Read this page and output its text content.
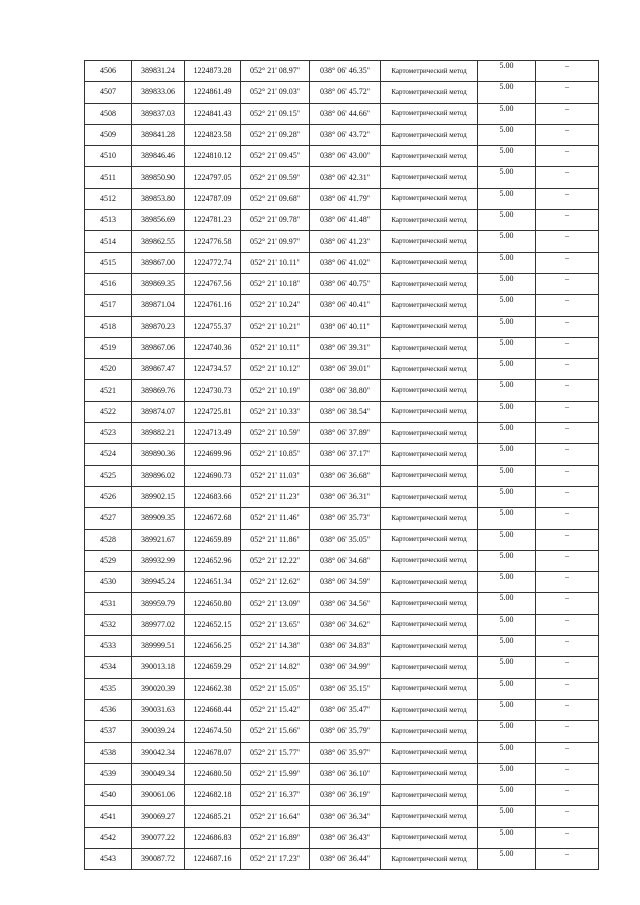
4506	389831.24	1224873.28	052° 21' 08.97"	038° 06' 46.35"	Картометрический метод	5.00	–
4507	389833.06	1224861.49	052° 21' 09.03"	038° 06' 45.72"	Картометрический метод	5.00	–
4508	389837.03	1224841.43	052° 21' 09.15"	038° 06' 44.66"	Картометрический метод	5.00	–
4509	389841.28	1224823.58	052° 21' 09.28"	038° 06' 43.72"	Картометрический метод	5.00	–
4510	389846.46	1224810.12	052° 21' 09.45"	038° 06' 43.00"	Картометрический метод	5.00	–
4511	389850.90	1224797.05	052° 21' 09.59"	038° 06' 42.31"	Картометрический метод	5.00	–
4512	389853.80	1224787.09	052° 21' 09.68"	038° 06' 41.79"	Картометрический метод	5.00	–
4513	389856.69	1224781.23	052° 21' 09.78"	038° 06' 41.48"	Картометрический метод	5.00	–
4514	389862.55	1224776.58	052° 21' 09.97"	038° 06' 41.23"	Картометрический метод	5.00	–
4515	389867.00	1224772.74	052° 21' 10.11"	038° 06' 41.02"	Картометрический метод	5.00	–
4516	389869.35	1224767.56	052° 21' 10.18"	038° 06' 40.75"	Картометрический метод	5.00	–
4517	389871.04	1224761.16	052° 21' 10.24"	038° 06' 40.41"	Картометрический метод	5.00	–
4518	389870.23	1224755.37	052° 21' 10.21"	038° 06' 40.11"	Картометрический метод	5.00	–
4519	389867.06	1224740.36	052° 21' 10.11"	038° 06' 39.31"	Картометрический метод	5.00	–
4520	389867.47	1224734.57	052° 21' 10.12"	038° 06' 39.01"	Картометрический метод	5.00	–
4521	389869.76	1224730.73	052° 21' 10.19"	038° 06' 38.80"	Картометрический метод	5.00	–
4522	389874.07	1224725.81	052° 21' 10.33"	038° 06' 38.54"	Картометрический метод	5.00	–
4523	389882.21	1224713.49	052° 21' 10.59"	038° 06' 37.89"	Картометрический метод	5.00	–
4524	389890.36	1224699.96	052° 21' 10.85"	038° 06' 37.17"	Картометрический метод	5.00	–
4525	389896.02	1224690.73	052° 21' 11.03"	038° 06' 36.68"	Картометрический метод	5.00	–
4526	389902.15	1224683.66	052° 21' 11.23"	038° 06' 36.31"	Картометрический метод	5.00	–
4527	389909.35	1224672.68	052° 21' 11.46"	038° 06' 35.73"	Картометрический метод	5.00	–
4528	389921.67	1224659.89	052° 21' 11.86"	038° 06' 35.05"	Картометрический метод	5.00	–
4529	389932.99	1224652.96	052° 21' 12.22"	038° 06' 34.68"	Картометрический метод	5.00	–
4530	389945.24	1224651.34	052° 21' 12.62"	038° 06' 34.59"	Картометрический метод	5.00	–
4531	389959.79	1224650.80	052° 21' 13.09"	038° 06' 34.56"	Картометрический метод	5.00	–
4532	389977.02	1224652.15	052° 21' 13.65"	038° 06' 34.62"	Картометрический метод	5.00	–
4533	389999.51	1224656.25	052° 21' 14.38"	038° 06' 34.83"	Картометрический метод	5.00	–
4534	390013.18	1224659.29	052° 21' 14.82"	038° 06' 34.99"	Картометрический метод	5.00	–
4535	390020.39	1224662.38	052° 21' 15.05"	038° 06' 35.15"	Картометрический метод	5.00	–
4536	390031.63	1224668.44	052° 21' 15.42"	038° 06' 35.47"	Картометрический метод	5.00	–
4537	390039.24	1224674.50	052° 21' 15.66"	038° 06' 35.79"	Картометрический метод	5.00	–
4538	390042.34	1224678.07	052° 21' 15.77"	038° 06' 35.97"	Картометрический метод	5.00	–
4539	390049.34	1224680.50	052° 21' 15.99"	038° 06' 36.10"	Картометрический метод	5.00	–
4540	390061.06	1224682.18	052° 21' 16.37"	038° 06' 36.19"	Картометрический метод	5.00	–
4541	390069.27	1224685.21	052° 21' 16.64"	038° 06' 36.34"	Картометрический метод	5.00	–
4542	390077.22	1224686.83	052° 21' 16.89"	038° 06' 36.43"	Картометрический метод	5.00	–
4543	390087.72	1224687.16	052° 21' 17.23"	038° 06' 36.44"	Картометрический метод	5.00	–
